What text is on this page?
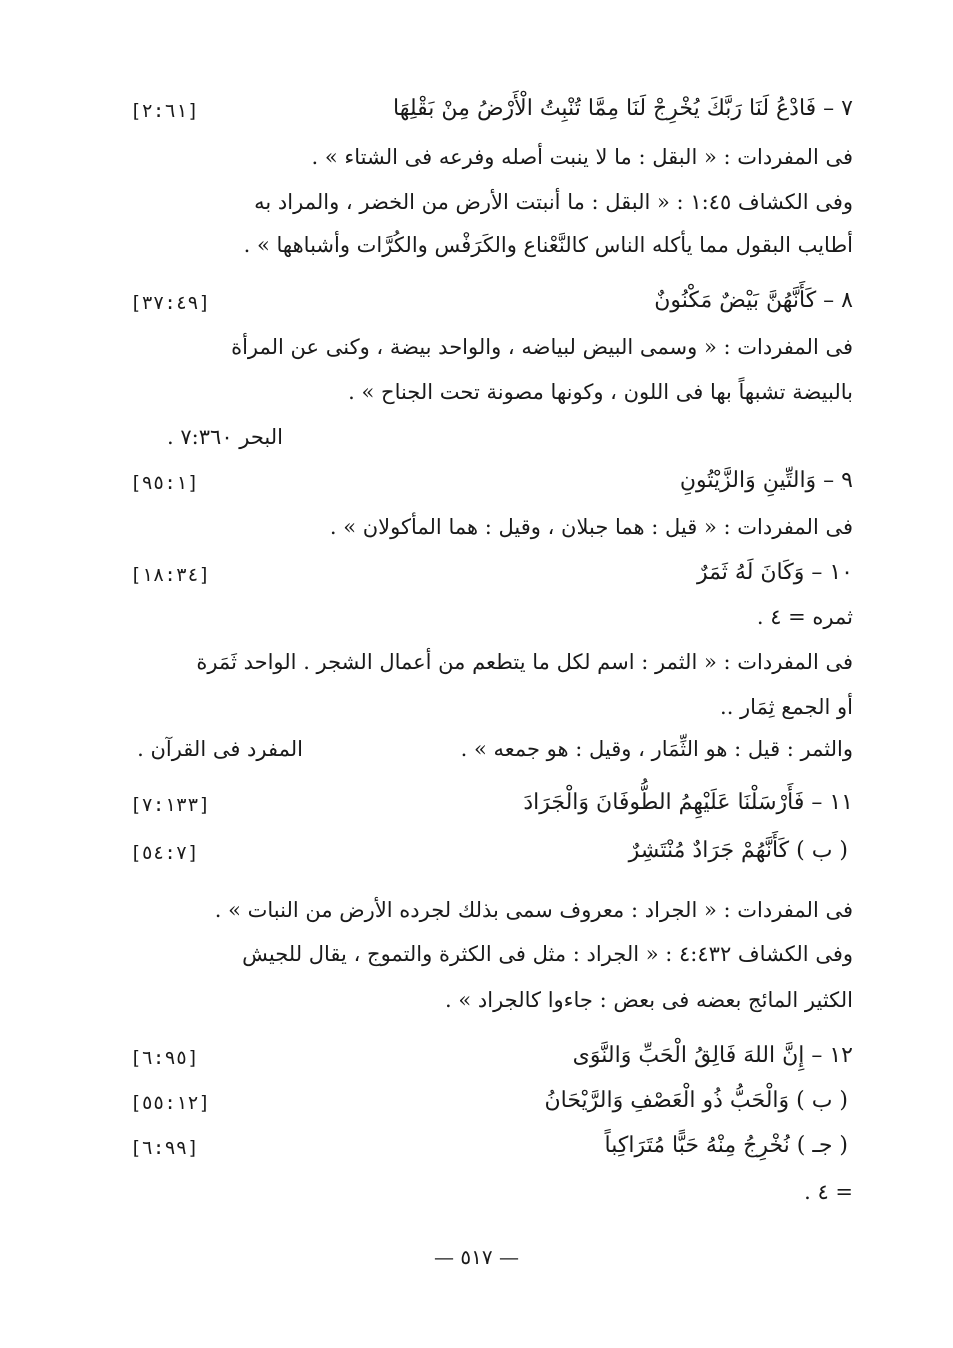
٧ – فَادْعُ لَنَا رَبَّكَ يُخْرِجْ لَنَا مِمَّا تُنْبِتُ الْأَرْضُ مِنْ بَقْلِهَا
[٢:٦١]
فى المفردات : « البقل : ما لا ينبت أصله وفرعه فى الشتاء » .
وفى الكشاف ١:٤٥ : « البقل : ما أنبتت الأرض من الخضر ، والمراد به
أطايب البقول مما يأكله الناس كالنَّعْناع والكَرَفْس والكُرَّات وأشباهها » .
٨ – كَأَنَّهُنَّ بَيْضٌ مَكْنُونٌ
[٣٧:٤٩]
فى المفردات : « وسمى البيض لبياضه ، والواحد بيضة ، وكنى عن المرأة
بالبيضة تشبهاً بها فى اللون ، وكونها مصونة تحت الجناح » .
البحر ٧:٣٦٠ .
٩ – وَالتِّينِ وَالزَّيْتُونِ
[٩٥:١]
فى المفردات : « قيل : هما جبلان ، وقيل : هما المأكولان » .
١٠ – وَكَانَ لَهُ ثَمَرٌ
[١٨:٣٤]
ثمره = ٤ .
فى المفردات : « الثمر : اسم لكل ما يتطعم من أعمال الشجر . الواحد ثَمَرة
أو الجمع ثِمَار ..
والثمر : قيل : هو الثِّمَار ، وقيل : هو جمعه » .
المفرد فى القرآن .
١١ – فَأَرْسَلْنَا عَلَيْهِمُ الطُّوفَانَ وَالْجَرَادَ
[٧:١٣٣]
( ب ) كَأَنَّهُمْ جَرَادٌ مُنْتَشِرٌ
[٥٤:٧]
فى المفردات : « الجراد : معروف سمى بذلك لجرده الأرض من النبات » .
وفى الكشاف ٤:٤٣٢ : « الجراد : مثل فى الكثرة والتموج ، يقال للجيش
الكثير المائج بعضه فى بعض : جاءوا كالجراد » .
١٢ – إِنَّ اللهَ فَالِقُ الْحَبِّ وَالنَّوَى
[٦:٩٥]
( ب ) وَالْحَبُّ ذُو الْعَصْفِ وَالرَّيْحَانُ
[٥٥:١٢]
( جـ ) نُخْرِجُ مِنْهُ حَبًّا مُتَرَاكِباً
[٦:٩٩]
= ٤ .
— ٥١٧ —
